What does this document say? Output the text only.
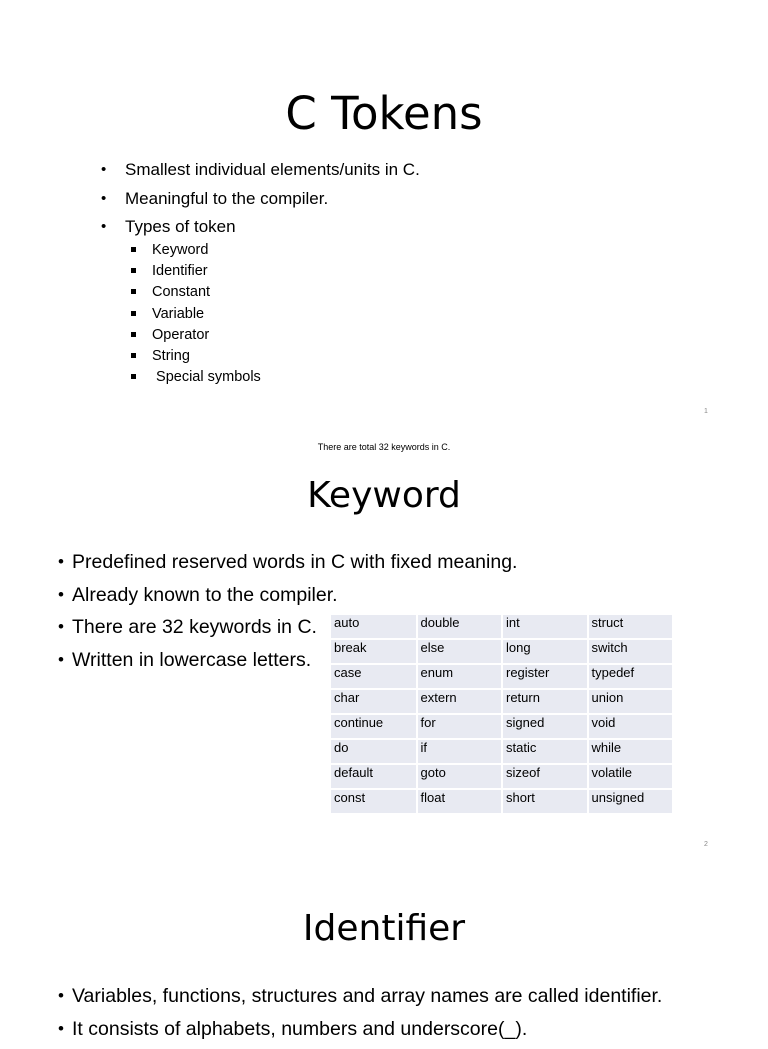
C Tokens
• Smallest individual elements/units in C.
• Meaningful to the compiler.
• Types of token
Keyword
Identifier
Constant
Variable
Operator
String
Special symbols
1
There are total 32 keywords in C.
Keyword
• Predefined reserved words in C with fixed meaning.
• Already known to the compiler.
• There are 32 keywords in C.
• Written in lowercase letters.
auto	double	int	struct
break	else	long	switch
case	enum	register	typedef
char	extern	return	union
continue	for	signed	void
do	if	static	while
default	goto	sizeof	volatile
const	float	short	unsigned
2
Identifier
• Variables, functions, structures and array names are called identifier.
• It consists of alphabets, numbers and underscore(_).
